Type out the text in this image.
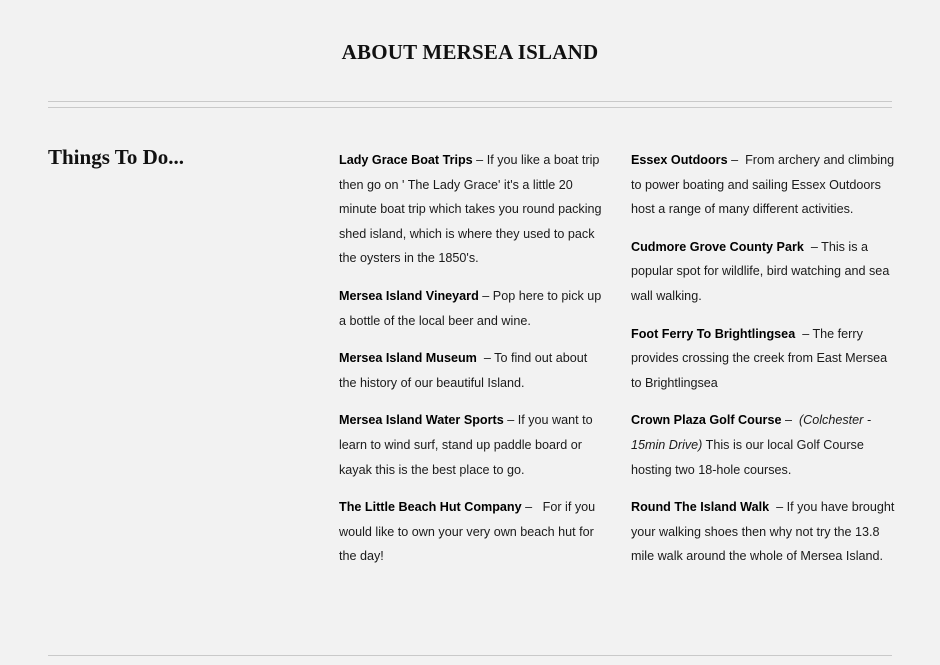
ABOUT MERSEA ISLAND
Things To Do...	Lady Grace Boat Trips – If you like a boat trip then go on ' The Lady Grace' it's a little 20 minute boat trip which takes you round packing shed island, which is where they used to pack the oysters in the 1850's.

Mersea Island Vineyard – Pop here to pick up a bottle of the local beer and wine.

Mersea Island Museum  – To find out about the history of our beautiful Island.

Mersea Island Water Sports – If you want to learn to wind surf, stand up paddle board or kayak this is the best place to go.

The Little Beach Hut Company –   For if you would like to own your very own beach hut for the day!

Essex Outdoors –  From archery and climbing to power boating and sailing Essex Outdoors host a range of many different activities.

Cudmore Grove County Park  – This is a popular spot for wildlife, bird watching and sea wall walking.

Foot Ferry To Brightlingsea  – The ferry provides crossing the creek from East Mersea to Brightlingsea

Crown Plaza Golf Course –  (Colchester - 15min Drive) This is our local Golf Course hosting two 18-hole courses.

Round The Island Walk  – If you have brought your walking shoes then why not try the 13.8 mile walk around the whole of Mersea Island.
